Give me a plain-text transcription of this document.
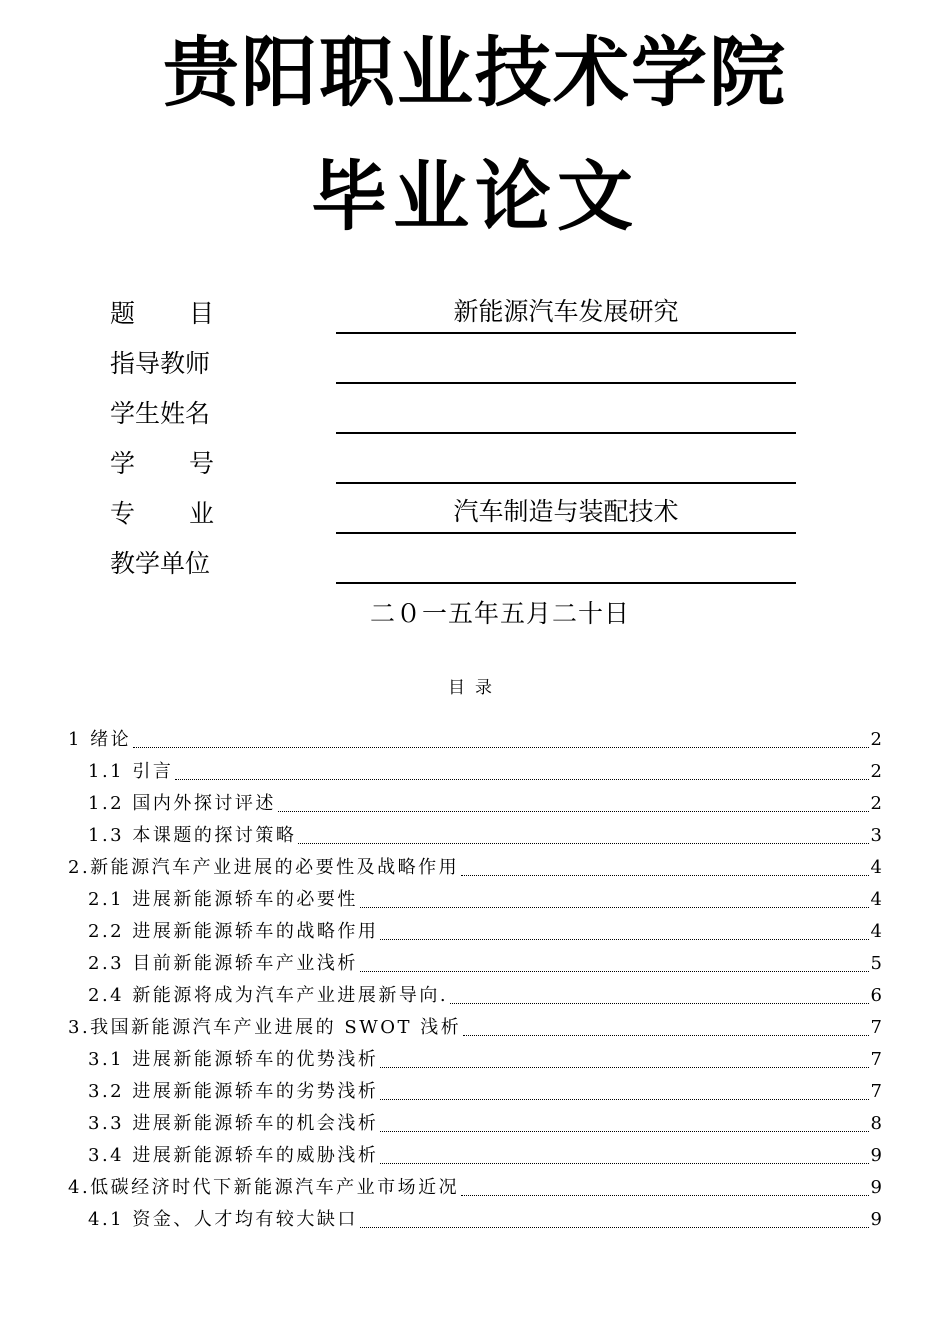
贵阳职业技术学院
毕业论文
题 目	新能源汽车发展研究
指导教师
学生姓名
学 号
专 业	汽车制造与装配技术
教学单位
二０一五年五月二十日
目录
1 绪论	2
1.1 引言	2
1.2 国内外探讨评述	2
1.3 本课题的探讨策略	3
2.新能源汽车产业进展的必要性及战略作用	4
2.1 进展新能源轿车的必要性	4
2.2 进展新能源轿车的战略作用	4
2.3 目前新能源轿车产业浅析	5
2.4 新能源将成为汽车产业进展新导向.	6
3.我国新能源汽车产业进展的 SWOT 浅析	7
3.1 进展新能源轿车的优势浅析	7
3.2 进展新能源轿车的劣势浅析	7
3.3 进展新能源轿车的机会浅析	8
3.4 进展新能源轿车的威胁浅析	9
4.低碳经济时代下新能源汽车产业市场近况	9
4.1 资金、人才均有较大缺口	9
